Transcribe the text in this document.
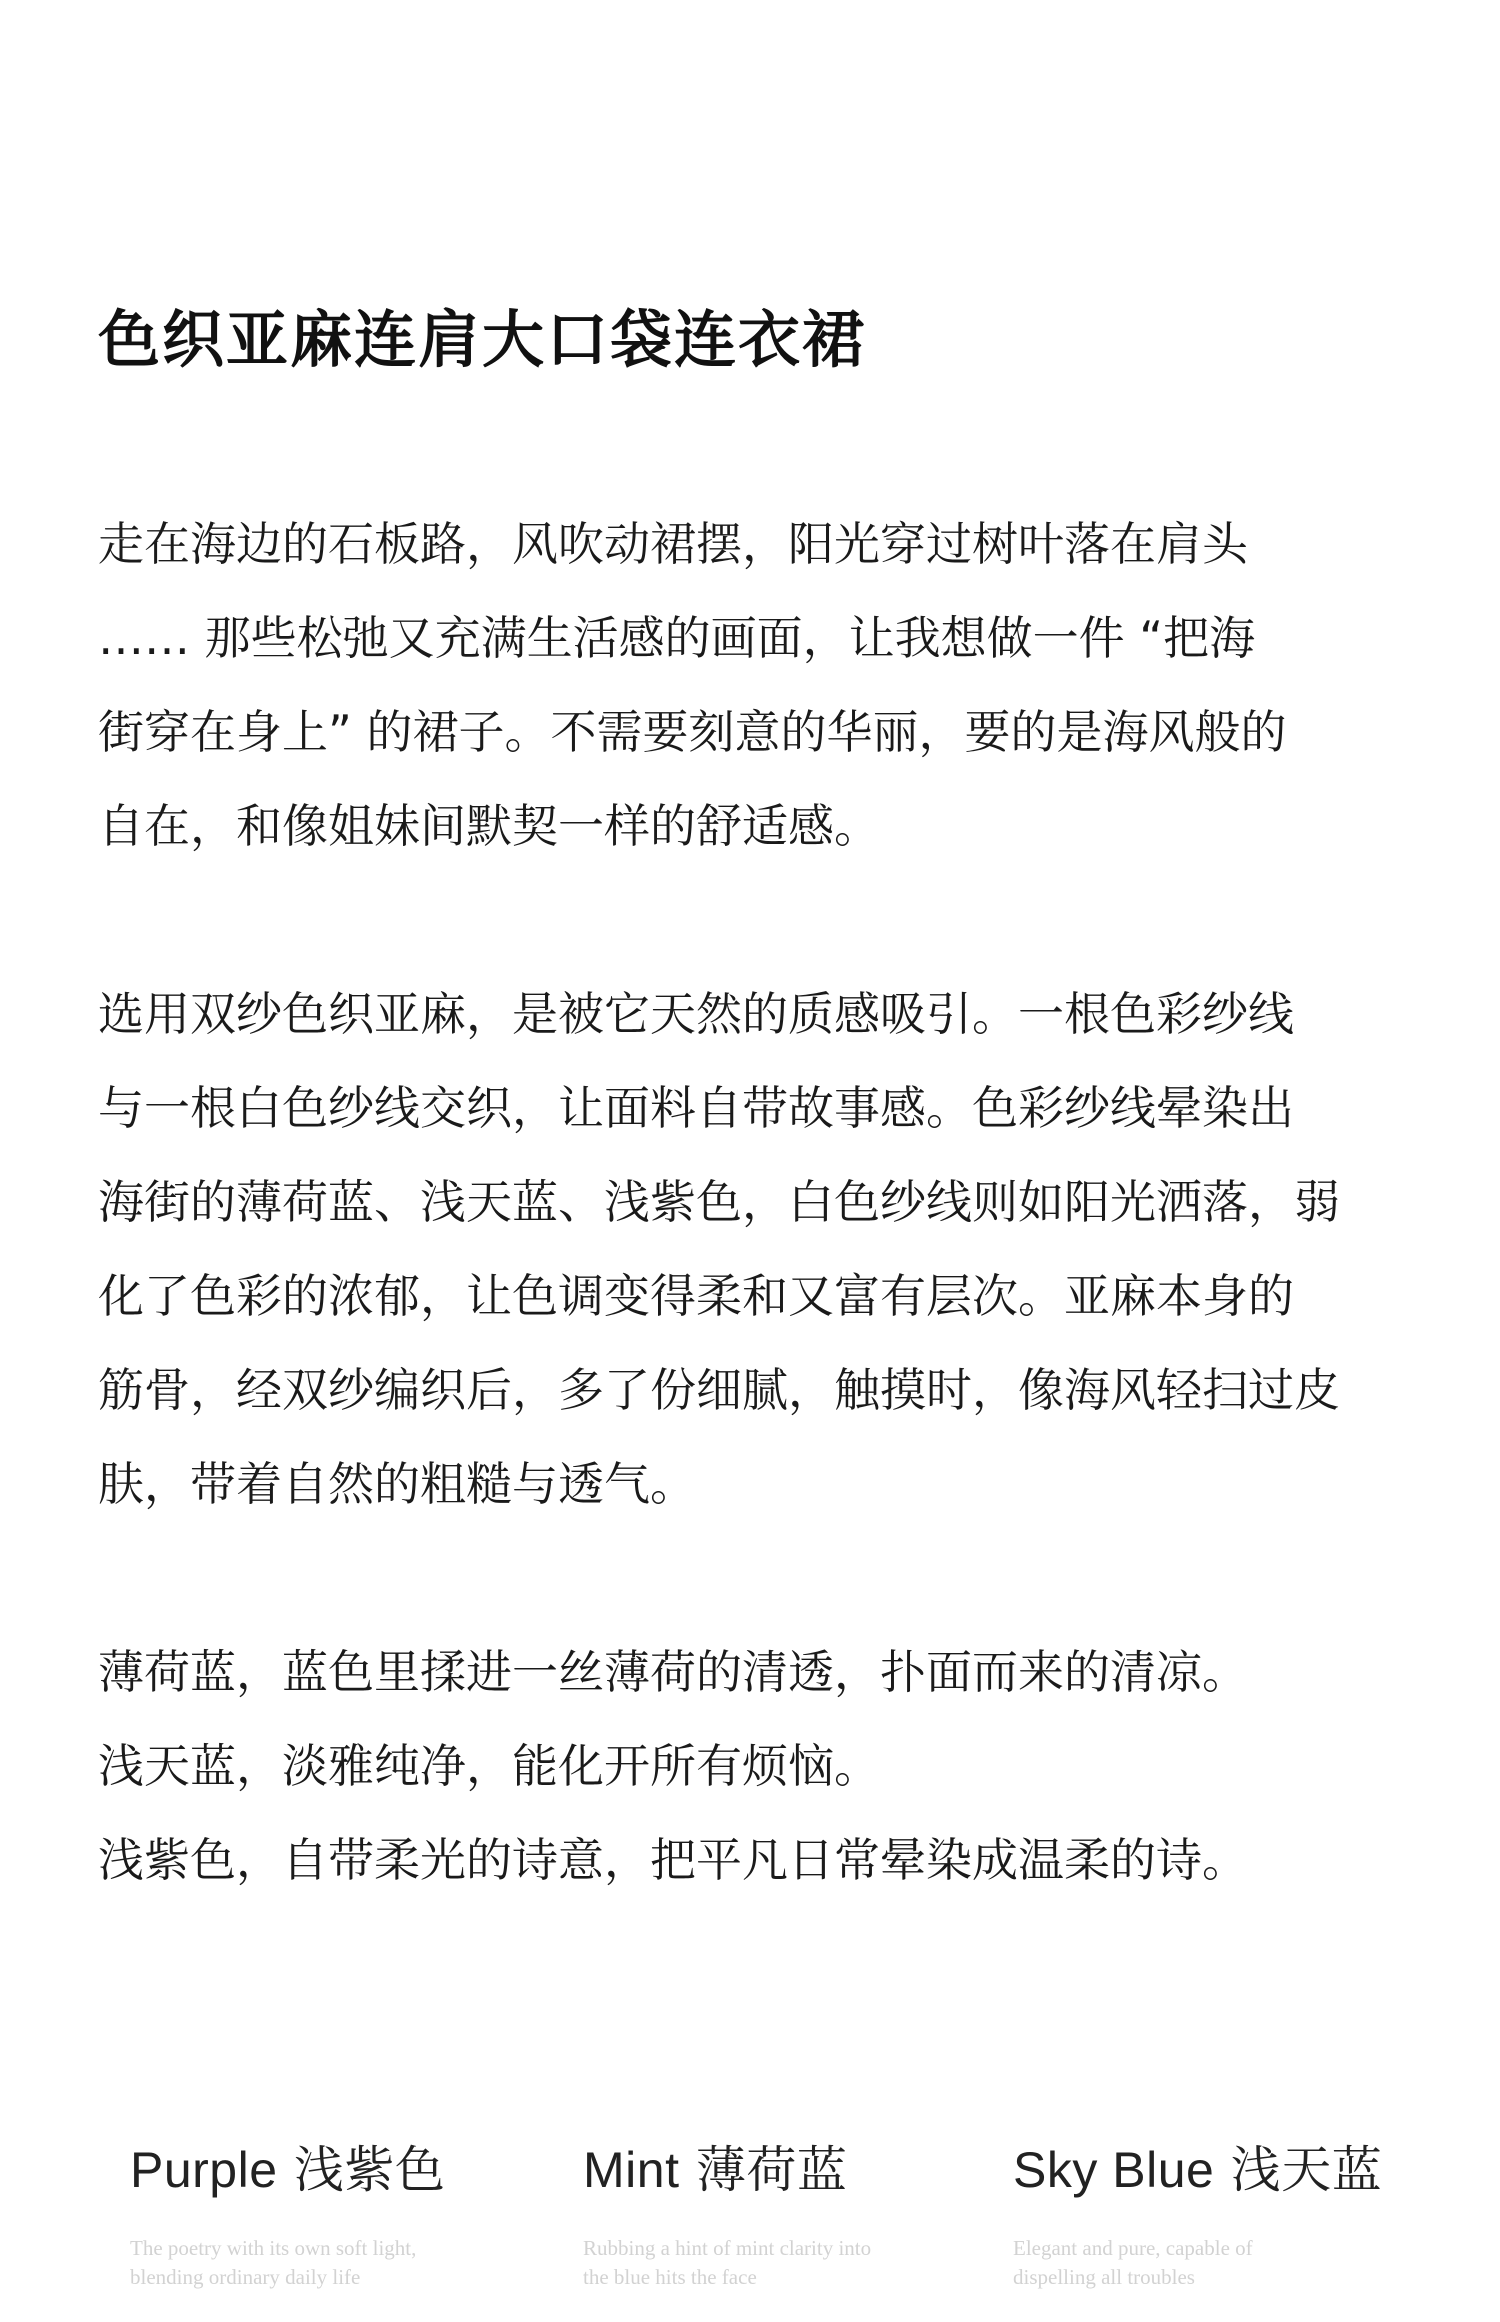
色织亚麻连肩大口袋连衣裙

走在海边的石板路，风吹动裙摆，阳光穿过树叶落在肩头
…… 那些松弛又充满生活感的画面，让我想做一件 “把海
街穿在身上” 的裙子。不需要刻意的华丽，要的是海风般的
自在，和像姐妹间默契一样的舒适感。

选用双纱色织亚麻，是被它天然的质感吸引。一根色彩纱线
与一根白色纱线交织，让面料自带故事感。色彩纱线晕染出
海街的薄荷蓝、浅天蓝、浅紫色，白色纱线则如阳光洒落，弱
化了色彩的浓郁，让色调变得柔和又富有层次。亚麻本身的
筋骨，经双纱编织后，多了份细腻，触摸时，像海风轻扫过皮
肤，带着自然的粗糙与透气。

薄荷蓝，蓝色里揉进一丝薄荷的清透，扑面而来的清凉。
浅天蓝，淡雅纯净，能化开所有烦恼。
浅紫色，自带柔光的诗意，把平凡日常晕染成温柔的诗。

Purple 浅紫色

The poetry with its own soft light,
blending ordinary daily life

Mint 薄荷蓝

Rubbing a hint of mint clarity into
the blue hits the face

Sky Blue 浅天蓝

Elegant and pure, capable of
dispelling all troubles
